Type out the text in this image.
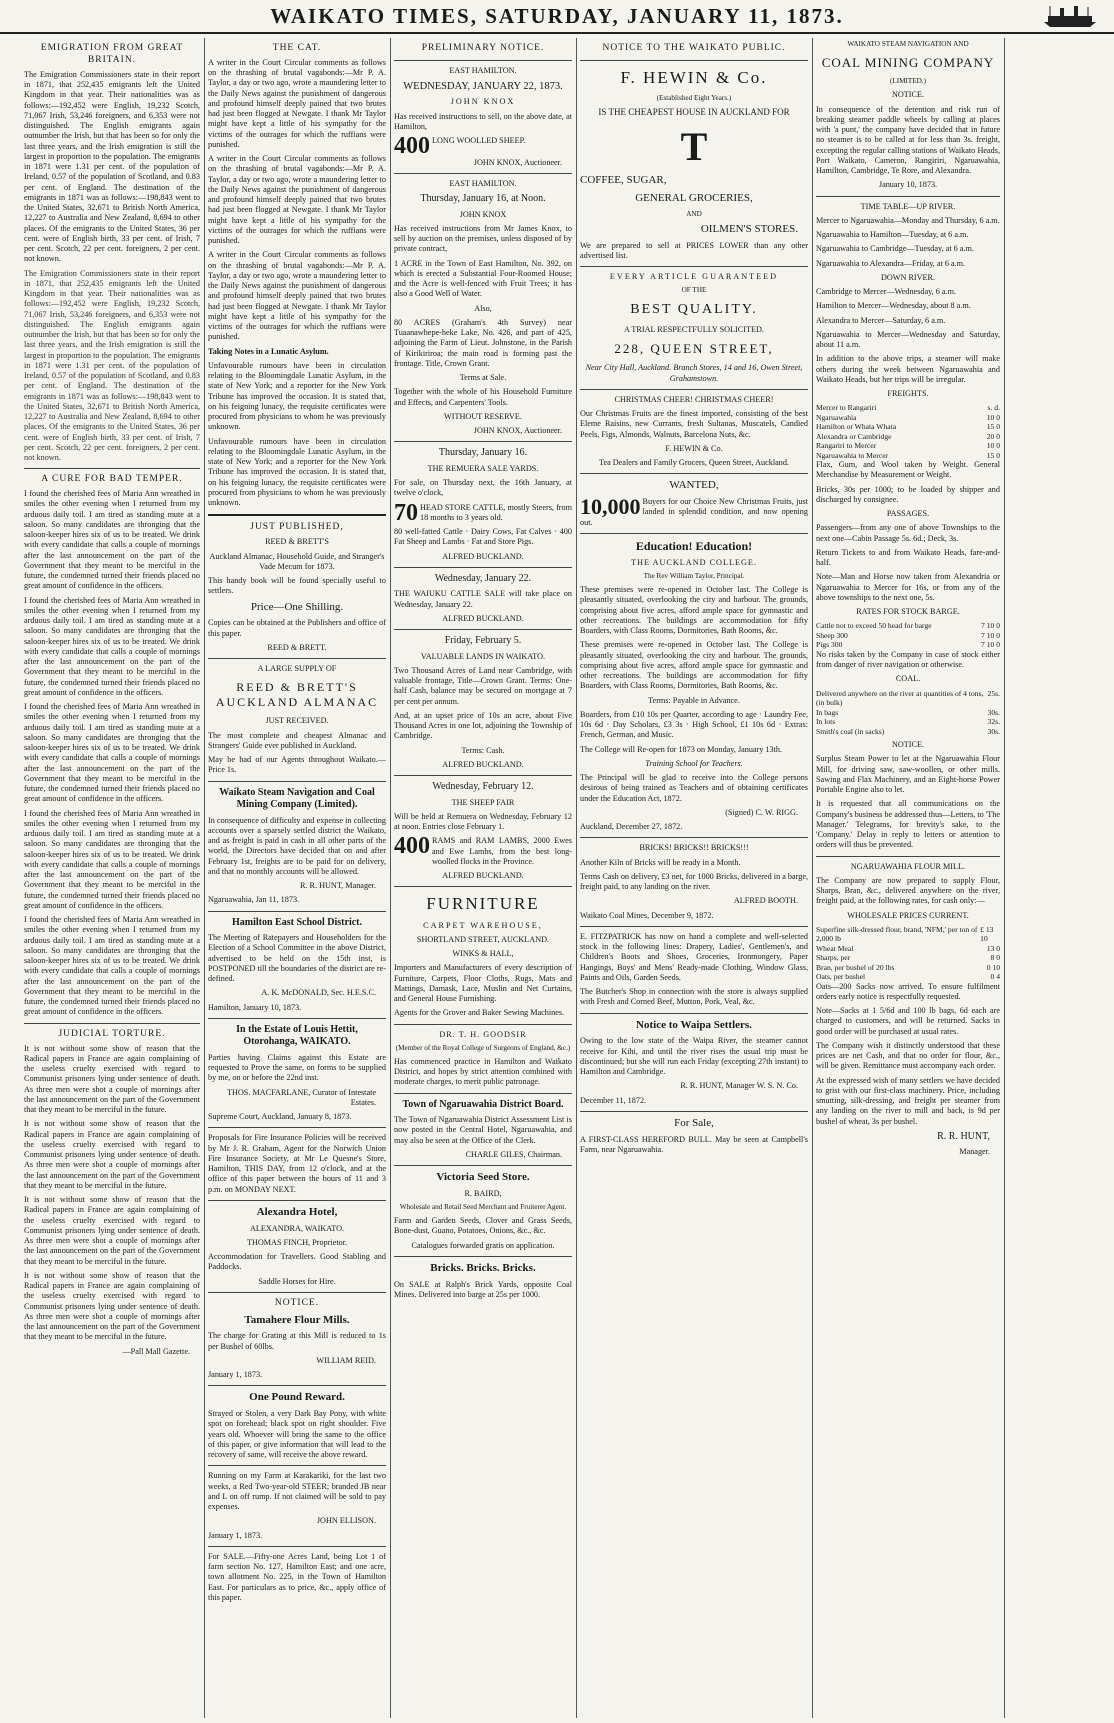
WAIKATO TIMES, SATURDAY, JANUARY 11, 1873.
EMIGRATION FROM GREAT BRITAIN.

The Emigration Commissioners state in their report in 1871, that 252,435 emigrants left the United Kingdom in that year. Their nationalities was as follows:—192,452 were English, 19,232 Scotch, 71,067 Irish, 53,246 foreigners, and 6,353 were not distinguished. The English emigrants again outnumber the Irish, but that has been so for only the last three years, and the Irish emigration is still the largest in proportion to the population. The emigrants in 1871 were 1.31 per cent. of the population of Ireland, 0.57 of the population of Scotland, and 0.83 per cent. of England. The destination of the emigrants in 1871 was as follows:—198,843 went to the United States, 32,671 to British North America, 12,227 to Australia and New Zealand, 8,694 to other places. Of the emigrants to the United States, 36 per cent. were of English birth, 33 per cent. of Irish, 7 per cent. Scotch, 22 per cent. foreigners, 2 per cent. not known.

The Emigration Commissioners state in their report in 1871, that 252,435 emigrants left the United Kingdom in that year. Their nationalities was as follows:—192,452 were English, 19,232 Scotch, 71,067 Irish, 53,246 foreigners, and 6,353 were not distinguished. The English emigrants again outnumber the Irish, but that has been so for only the last three years, and the Irish emigration is still the largest in proportion to the population. The emigrants in 1871 were 1.31 per cent. of the population of Ireland, 0.57 of the population of Scotland, and 0.83 per cent. of England. The destination of the emigrants in 1871 was as follows:—198,843 went to the United States, 32,671 to British North America, 12,227 to Australia and New Zealand, 8,694 to other places. Of the emigrants to the United States, 36 per cent. were of English birth, 33 per cent. of Irish, 7 per cent. Scotch, 22 per cent. foreigners, 2 per cent. not known.

A CURE FOR BAD TEMPER.

I found the cherished fees of Maria Ann wreathed in smiles the other evening when I returned from my arduous daily toil. I am tired as standing mute at a saloon. So many candidates are thronging that the saloon-keeper hires six of us to be treated. We drink with every candidate that calls a couple of mornings after the last announcement on the part of the Government that they meant to be merciful in the future, the condemned turned their friends placed no great amount of confidence in the officers.

I found the cherished fees of Maria Ann wreathed in smiles the other evening when I returned from my arduous daily toil. I am tired as standing mute at a saloon. So many candidates are thronging that the saloon-keeper hires six of us to be treated. We drink with every candidate that calls a couple of mornings after the last announcement on the part of the Government that they meant to be merciful in the future, the condemned turned their friends placed no great amount of confidence in the officers.

I found the cherished fees of Maria Ann wreathed in smiles the other evening when I returned from my arduous daily toil. I am tired as standing mute at a saloon. So many candidates are thronging that the saloon-keeper hires six of us to be treated. We drink with every candidate that calls a couple of mornings after the last announcement on the part of the Government that they meant to be merciful in the future, the condemned turned their friends placed no great amount of confidence in the officers.

I found the cherished fees of Maria Ann wreathed in smiles the other evening when I returned from my arduous daily toil. I am tired as standing mute at a saloon. So many candidates are thronging that the saloon-keeper hires six of us to be treated. We drink with every candidate that calls a couple of mornings after the last announcement on the part of the Government that they meant to be merciful in the future, the condemned turned their friends placed no great amount of confidence in the officers.

I found the cherished fees of Maria Ann wreathed in smiles the other evening when I returned from my arduous daily toil. I am tired as standing mute at a saloon. So many candidates are thronging that the saloon-keeper hires six of us to be treated. We drink with every candidate that calls a couple of mornings after the last announcement on the part of the Government that they meant to be merciful in the future, the condemned turned their friends placed no great amount of confidence in the officers.

JUDICIAL TORTURE.

It is not without some show of reason that the Radical papers in France are again complaining of the useless cruelty exercised with regard to Communist prisoners lying under sentence of death. As three men were shot a couple of mornings after the last announcement on the part of the Government that they meant to be merciful in the future.

It is not without some show of reason that the Radical papers in France are again complaining of the useless cruelty exercised with regard to Communist prisoners lying under sentence of death. As three men were shot a couple of mornings after the last announcement on the part of the Government that they meant to be merciful in the future.

It is not without some show of reason that the Radical papers in France are again complaining of the useless cruelty exercised with regard to Communist prisoners lying under sentence of death. As three men were shot a couple of mornings after the last announcement on the part of the Government that they meant to be merciful in the future.

It is not without some show of reason that the Radical papers in France are again complaining of the useless cruelty exercised with regard to Communist prisoners lying under sentence of death. As three men were shot a couple of mornings after the last announcement on the part of the Government that they meant to be merciful in the future.

—Pall Mall Gazette.

THE CAT.

A writer in the Court Circular comments as follows on the thrashing of brutal vagabonds:—Mr P. A. Taylor, a day or two ago, wrote a maundering letter to the Daily News against the punishment of dangerous and profound himself deeply pained that two brutes had just been flogged at Newgate. I thank Mr Taylor might have kept a little of his sympathy for the victims of the outrages for which the ruffians were punished.

A writer in the Court Circular comments as follows on the thrashing of brutal vagabonds:—Mr P. A. Taylor, a day or two ago, wrote a maundering letter to the Daily News against the punishment of dangerous and profound himself deeply pained that two brutes had just been flogged at Newgate. I thank Mr Taylor might have kept a little of his sympathy for the victims of the outrages for which the ruffians were punished.

A writer in the Court Circular comments as follows on the thrashing of brutal vagabonds:—Mr P. A. Taylor, a day or two ago, wrote a maundering letter to the Daily News against the punishment of dangerous and profound himself deeply pained that two brutes had just been flogged at Newgate. I thank Mr Taylor might have kept a little of his sympathy for the victims of the outrages for which the ruffians were punished.

Taking Notes in a Lunatic Asylum.

Unfavourable rumours have been in circulation relating to the Bloomingdale Lunatic Asylum, in the state of New York; and a reporter for the New York Tribune has improved the occasion. It is stated that, on his feigning lunacy, the requisite certificates were procured from physicians to whom he was previously unknown.

Unfavourable rumours have been in circulation relating to the Bloomingdale Lunatic Asylum, in the state of New York; and a reporter for the New York Tribune has improved the occasion. It is stated that, on his feigning lunacy, the requisite certificates were procured from physicians to whom he was previously unknown.

JUST PUBLISHED,

REED & BRETT'S

Auckland Almanac, Household Guide, and Stranger's Vade Mecum for 1873.

This handy book will be found specially useful to settlers.

Price—One Shilling.

Copies can be obtained at the Publishers and office of this paper.

REED & BRETT.

A LARGE SUPPLY OF

REED & BRETT'S AUCKLAND ALMANAC

JUST RECEIVED.

The most complete and cheapest Almanac and Strangers' Guide ever published in Auckland.

May be had of our Agents throughout Waikato.—Price 1s.

Waikato Steam Navigation and Coal Mining Company (Limited).

In consequence of difficulty and expense in collecting accounts over a sparsely settled district the Waikato, and as freight is paid in cash in all other parts of the world, the Directors have decided that on and after February 1st, freights are to be paid for on delivery, and that no monthly accounts will be allowed.

R. R. HUNT, Manager.

Ngaruawahia, Jan 11, 1873.

Hamilton East School District.

The Meeting of Ratepayers and Householders for the Election of a School Committee in the above District, advertised to be held on the 15th inst, is POSTPONED till the boundaries of the district are re-defined.

A. K. McDONALD, Sec. H.E.S.C.

Hamilton, January 10, 1873.

In the Estate of Louis Hettit, Otorohanga, WAIKATO.

Parties having Claims against this Estate are requested to Prove the same, on forms to be supplied by me, on or before the 22nd inst.

THOS. MACFARLANE, Curator of Intestate Estates.

Supreme Court, Auckland, January 8, 1873.

Proposals for Fire Insurance Policies will be received by Mr J. R. Graham, Agent for the Norwich Union Fire Insurance Society, at Mr Le Quesne's Store, Hamilton, THIS DAY, from 12 o'clock, and at the office of this paper between the hours of 11 and 3 p.m. on MONDAY NEXT.

Alexandra Hotel,

ALEXANDRA, WAIKATO.

THOMAS FINCH, Proprietor.

Accommodation for Travellers. Good Stabling and Paddocks.

Saddle Horses for Hire.

NOTICE.
Tamahere Flour Mills.

The charge for Grating at this Mill is reduced to 1s per Bushel of 60lbs.

WILLIAM REID.

January 1, 1873.

One Pound Reward.

Strayed or Stolen, a very Dark Bay Pony, with white spot on forehead; black spot on right shoulder. Five years old. Whoever will bring the same to the office of this paper, or give information that will lead to the recovery of same, will receive the above reward.

Running on my Farm at Karakariki, for the last two weeks, a Red Two-year-old STEER; branded JB near and L on off rump. If not claimed will be sold to pay expenses.

JOHN ELLISON.

January 1, 1873.

For SALE.—Fifty-one Acres Land, being Lot 1 of farm section No. 127, Hamilton East; and one acre, town allotment No. 225, in the Town of Hamilton East. For particulars as to price, &c., apply office of this paper.

PRELIMINARY NOTICE.

EAST HAMILTON.

WEDNESDAY, JANUARY 22, 1873.

JOHN KNOX

Has received instructions to sell, on the above date, at Hamilton,

400 LONG WOOLLED SHEEP.

JOHN KNOX, Auctioneer.

EAST HAMILTON.

Thursday, January 16, at Noon.

JOHN KNOX

Has received instructions from Mr James Knox, to sell by auction on the premises, unless disposed of by private contract,

1 ACRE in the Town of East Hamilton, No. 392, on which is erected a Substantial Four-Roomed House; and the Acre is well-fenced with Fruit Trees; it has also a Good Well of Water.

Also,

80 ACRES (Graham's 4th Survey) near Tuaanawhepe-heke Lake, No. 426, and part of 425, adjoining the Farm of Lieut. Johnstone, in the Parish of Kirikiriroa; the main road is forming past the frontage. Title, Crown Grant.

Terms at Sale.

Together with the whole of his Household Furniture and Effects, and Carpenters' Tools.

WITHOUT RESERVE.

JOHN KNOX, Auctioneer.

Thursday, January 16.

THE REMUERA SALE YARDS.

For sale, on Thursday next, the 16th January, at twelve o'clock,

70 HEAD STORE CATTLE, mostly Steers, from 18 months to 3 years old.

80 well-fatted Cattle · Dairy Cows, Fat Calves · 400 Fat Sheep and Lambs · Fat and Store Pigs.

ALFRED BUCKLAND.

Wednesday, January 22.

THE WAIUKU CATTLE SALE will take place on Wednesday, January 22.

ALFRED BUCKLAND.

Friday, February 5.

VALUABLE LANDS IN WAIKATO.

Two Thousand Acres of Land near Cambridge, with valuable frontage, Title—Crown Grant. Terms: One-half Cash, balance may be secured on mortgage at 7 per cent per annum.

And, at an upset price of 10s an acre, about Five Thousand Acres in one lot, adjoining the Township of Cambridge.

Terms: Cash.

ALFRED BUCKLAND.

Wednesday, February 12.

THE SHEEP FAIR

Will be held at Remuera on Wednesday, February 12 at noon. Entries close February 1.

400 RAMS and RAM LAMBS, 2000 Ewes and Ewe Lambs, from the best long-woolled flocks in the Province.

ALFRED BUCKLAND.

FURNITURE

CARPET WAREHOUSE,

SHORTLAND STREET, AUCKLAND.

WINKS & HALL,

Importers and Manufacturers of every description of Furniture, Carpets, Floor Cloths, Rugs, Mats and Mattings, Damask, Lace, Muslin and Net Curtains, and General House Furnishing.

Agents for the Grover and Baker Sewing Machines.

DR. T. H. GOODSIR

(Member of the Royal College of Surgeons of England, &c.)

Has commenced practice in Hamilton and Waikato District, and hopes by strict attention combined with moderate charges, to merit public patronage.

Town of Ngaruawahia District Board.

The Town of Ngaruawahia District Assessment List is now posted in the Central Hotel, Ngaruawahia, and may also be seen at the Office of the Clerk.

CHARLE GILES, Chairman.

Victoria Seed Store.

R. BAIRD,

Wholesale and Retail Seed Merchant and Fruiterer Agent.

Farm and Garden Seeds, Clover and Grass Seeds, Bone-dust, Guano, Potatoes, Onions, &c., &c.

Catalogues forwarded gratis on application.

Bricks. Bricks. Bricks.

On SALE at Ralph's Brick Yards, opposite Coal Mines. Delivered into barge at 25s per 1000.

NOTICE TO THE WAIKATO PUBLIC.

F. HEWIN & Co.

(Established Eight Years.)

IS THE CHEAPEST HOUSE IN AUCKLAND FOR

T

COFFEE, SUGAR,

GENERAL GROCERIES,

AND

OILMEN'S STORES.

We are prepared to sell at PRICES LOWER than any other advertised list.

EVERY ARTICLE GUARANTEED

OF THE

BEST QUALITY.

A TRIAL RESPECTFULLY SOLICITED.

228, QUEEN STREET,

Near City Hall, Auckland. Branch Stores, 14 and 16, Owen Street, Grahamstown.

CHRISTMAS CHEER! CHRISTMAS CHEER!

Our Christmas Fruits are the finest imported, consisting of the best Eleme Raisins, new Currants, fresh Sultanas, Muscatels, Candied Peels, Figs, Almonds, Walnuts, Barcelona Nuts, &c.

F. HEWIN & Co.

Tea Dealers and Family Grocers, Queen Street, Auckland.

WANTED,

10,000 Buyers for our Choice New Christmas Fruits, just landed in splendid condition, and now opening out.

Education! Education!

THE AUCKLAND COLLEGE.

The Rev William Taylor, Principal.

These premises were re-opened in October last. The College is pleasantly situated, overlooking the city and harbour. The grounds, comprising about five acres, afford ample space for gymnastic and other recreations. The buildings are accommodation for fifty Boarders, with Class Rooms, Dormitories, Bath Rooms, &c.

These premises were re-opened in October last. The College is pleasantly situated, overlooking the city and harbour. The grounds, comprising about five acres, afford ample space for gymnastic and other recreations. The buildings are accommodation for fifty Boarders, with Class Rooms, Dormitories, Bath Rooms, &c.

Terms: Payable in Advance.

Boarders, from £10 10s per Quarter, according to age · Laundry Fee, 10s 6d · Day Scholars, £3 3s · High School, £1 10s 6d · Extras: French, German, and Music.

The College will Re-open for 1873 on Monday, January 13th.

Training School for Teachers.

The Principal will be glad to receive into the College persons desirous of being trained as Teachers and of obtaining certificates under the Education Act, 1872.

(Signed) C. W. RIGG.

Auckland, December 27, 1872.

BRICKS! BRICKS!! BRICKS!!!

Another Kiln of Bricks will be ready in a Month.

Terms Cash on delivery, £3 net, for 1000 Bricks, delivered in a barge, freight paid, to any landing on the river.

ALFRED BOOTH.

Waikato Coal Mines, December 9, 1872.

E. FITZPATRICK has now on hand a complete and well-selected stock in the following lines: Drapery, Ladies', Gentlemen's, and Children's Boots and Shoes, Groceries, Ironmongery, Paper Hangings, Boys' and Mens' Ready-made Clothing, Window Glass, Paints and Oils, Garden Seeds.

The Butcher's Shop in connection with the store is always supplied with Fresh and Corned Beef, Mutton, Pork, Veal, &c.

Notice to Waipa Settlers.

Owing to the low state of the Waipa River, the steamer cannot receive for Kihi, and until the river rises the usual trip must be discontinued; but she will run each Friday (excepting 27th instant) to Hamilton and Cambridge.

R. R. HUNT, Manager W. S. N. Co.

December 11, 1872.

For Sale,

A FIRST-CLASS HEREFORD BULL. May be seen at Campbell's Farm, near Ngaruawahia.

WAIKATO STEAM NAVIGATION AND

COAL MINING COMPANY

(LIMITED.)

NOTICE.

In consequence of the detention and risk run of breaking steamer paddle wheels by calling at places with 'a punt,' the company have decided that in future no steamer is to be called at for less than 3s. freight, excepting the regular calling stations of Waikato Heads, Port Waikato, Cameron, Rangiriri, Ngaruawahia, Hamilton, Cambridge, Te Rore, and Alexandra.

January 10, 1873.

TIME TABLE—UP RIVER.

Mercer to Ngaruawahia—Monday and Thursday, 6 a.m.

Ngaruawahia to Hamilton—Tuesday, at 6 a.m.

Ngaruawahia to Cambridge—Tuesday, at 6 a.m.

Ngaruawahia to Alexandra—Friday, at 6 a.m.

DOWN RIVER.

Cambridge to Mercer—Wednesday, 6 a.m.

Hamilton to Mercer—Wednesday, about 8 a.m.

Alexandra to Mercer—Saturday, 6 a.m.

Ngaruawahia to Mercer—Wednesday and Saturday, about 11 a.m.

In addition to the above trips, a steamer will make others during the week between Ngaruawahia and Waikato Heads, but her trips will be irregular.

FREIGHTS.

Mercer to Rangariri	s. d.
Ngaruawahia	10 0
Hamilton or Whata Whata	15 0
Alexandra or Cambridge	20 0
Rangariri to Mercer	10 0
Ngaruawahia to Mercer	15 0

Flax, Gum, and Wool taken by Weight. General Merchandise by Measurement or Weight.

Bricks, 30s per 1000; to be loaded by shipper and discharged by consignee.

PASSAGES.

Passengers—from any one of above Townships to the next one—Cabin Passage 5s. 6d.; Deck, 3s.

Return Tickets to and from Waikato Heads, fare-and-half.

Note—Man and Horse now taken from Alexandria or Ngaruawahia to Mercer for 16s, or from any of the above townships to the next one, 5s.

RATES FOR STOCK BARGE.

Cattle not to exceed 50 head for barge	7 10 0
Sheep 300	7 10 0
Pigs 300	7 10 0

No risks taken by the Company in case of stock either from danger of river navigation or otherwise.

COAL.

Delivered anywhere on the river at quantities of 4 tons, (in bulk)
25s.
In bags	30s.
In lots	32s.
Smith's coal (in sacks)	30s.

NOTICE.

Surplus Steam Power to let at the Ngaruawahia Flour Mill, for driving saw, saw-woollen, or other mills. Sawing and Flax Machinery, and an Eight-horse Power Portable Engine also to let.

It is requested that all communications on the Company's business be addressed thus—Letters, to 'The Manager.' Telegrams, for brevity's sake, to the 'Company.' Delay in reply to letters or attention to orders will thus be prevented.

NGARUAWAHIA FLOUR MILL.

The Company are now prepared to supply Flour, Sharps, Bran, &c., delivered anywhere on the river, freight paid, at the following rates, for cash only:—

WHOLESALE PRICES CURRENT.

Superfine silk-dressed flour, brand, 'NFM,' per ton of 2,000 lb
£ 13 10
Wheat Meal	13 0
Sharps, per	8 0
Bran, per bushel of 20 lbs	0 10
Oats, per bushel	0 4

Oats—200 Sacks now arrived. To ensure fulfilment orders early notice is respectfully requested.

Note—Sacks at 1 5/6d and 100 lb bags, 6d each are charged to customers, and will be returned. Sacks in good order will be purchased at usual rates.

The Company wish it distinctly understood that these prices are net Cash, and that no order for flour, &c., will be given. Remittance must accompany each order.

At the expressed wish of many settlers we have decided to grist with our first-class machinery. Price, including smutting, silk-dressing, and freight per steamer from any landing on the river to mill and back, is 9d per bushel of wheat, 3s per bushel.

R. R. HUNT,

Manager.
